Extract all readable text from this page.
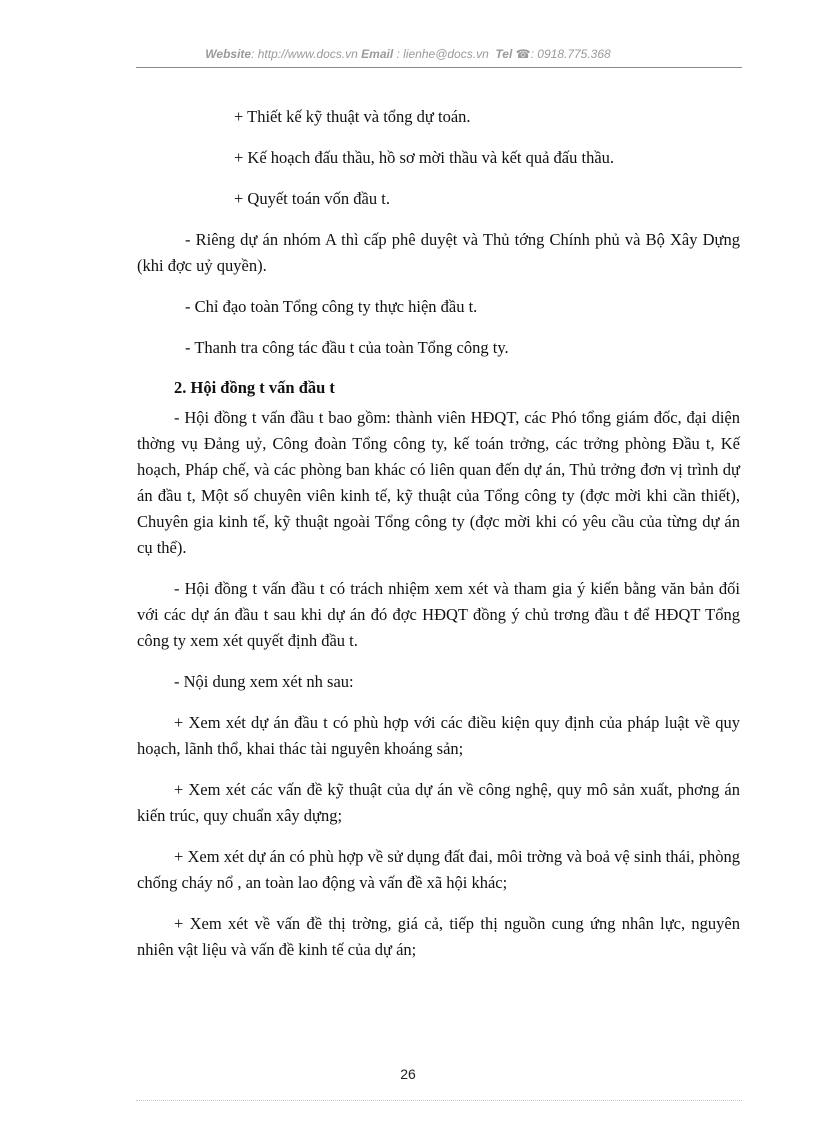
Website: http://www.docs.vn Email : lienhe@docs.vn Tel ☎: 0918.775.368

+ Thiết kế kỹ thuật và tổng dự toán.

+ Kế hoạch đấu thầu, hồ sơ mời thầu và kết quả đấu thầu.

+ Quyết toán vốn đầu t.

- Riêng dự án nhóm A thì cấp phê duyệt và Thủ tớng Chính phủ và Bộ Xây Dựng (khi đợc uỷ quyền).

- Chỉ đạo toàn Tổng công ty thực hiện đầu t.

- Thanh tra công tác đầu t của toàn Tổng công ty.

2. Hội đồng t vấn đầu t

- Hội đồng t vấn đầu t bao gồm: thành viên HĐQT, các Phó tổng giám đốc, đại diện thờng vụ Đảng uỷ, Công đoàn Tổng công ty, kế toán trởng, các trởng phòng Đầu t, Kế hoạch, Pháp chế, và các phòng ban khác có liên quan đến dự án, Thủ trởng đơn vị trình dự án đầu t, Một số chuyên viên kinh tế, kỹ thuật của Tổng công ty (đợc mời khi cần thiết), Chuyên gia kinh tế, kỹ thuật ngoài Tổng công ty (đợc mời khi có yêu cầu của từng dự án cụ thể).

- Hội đồng t vấn đầu t có trách nhiệm xem xét và tham gia ý kiến bằng văn bản đối với các dự án đầu t sau khi dự án đó đợc HĐQT đồng ý chủ trơng đầu t để HĐQT Tổng công ty xem xét quyết định đầu t.

- Nội dung xem xét nh sau:

+ Xem xét dự án đầu t có phù hợp với các điều kiện quy định của pháp luật về quy hoạch, lãnh thổ, khai thác tài nguyên khoáng sản;

+ Xem xét các vấn đề kỹ thuật của dự án về công nghệ, quy mô sản xuất, phơng án kiến trúc, quy chuẩn xây dựng;

+ Xem xét dự án có phù hợp về sử dụng đất đai, môi trờng và boả vệ sinh thái, phòng chống cháy nổ , an toàn lao động và vấn đề xã hội khác;

+ Xem xét về vấn đề thị trờng, giá cả, tiếp thị nguồn cung ứng nhân lực, nguyên nhiên vật liệu và vấn đề kinh tế của dự án;

26
